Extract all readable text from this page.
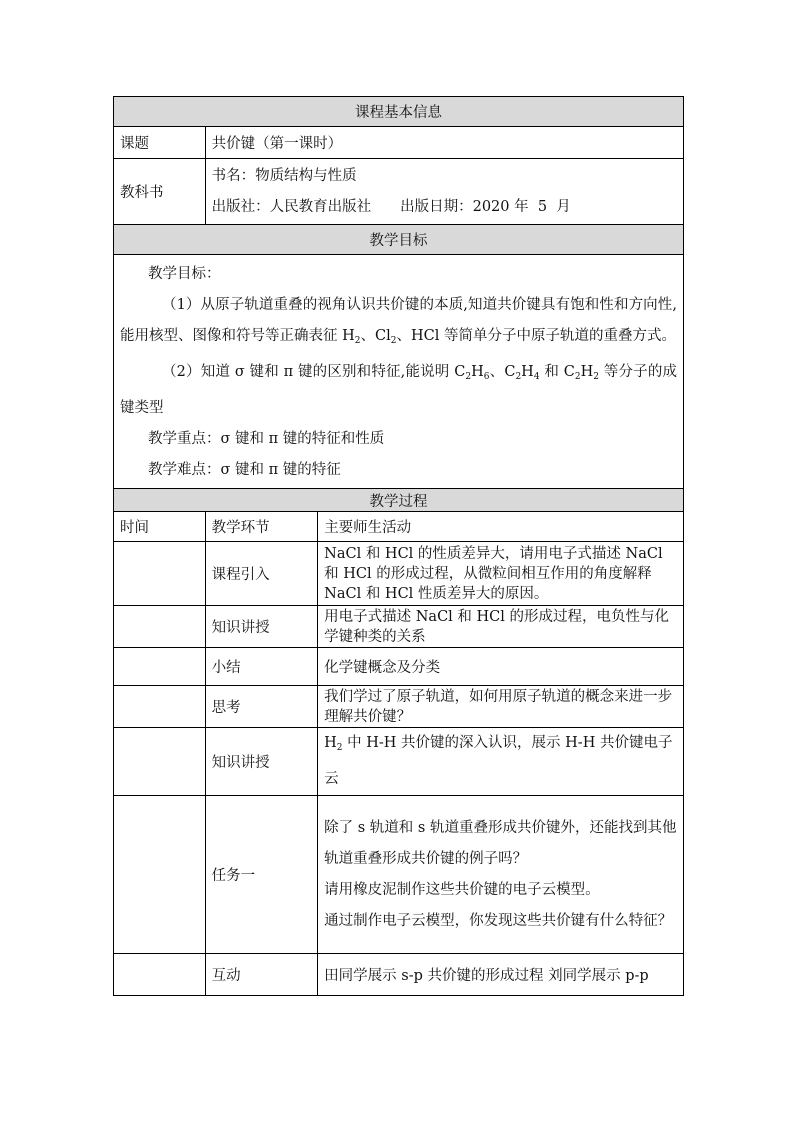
课程基本信息		
课题	共价键（第一课时）	
教科书	书名：物质结构与性质
出版社：人民教育出版社　　出版日期：2020 年  5  月	

教学目标		

教学目标：

（1）从原子轨道重叠的视角认识共价键的本质,知道共价键具有饱和性和方向性,能用核型、图像和符号等正确表征 $H_2$、$Cl_2$、HCl 等简单分子中原子轨道的重叠方式。

（2）知道 σ 键和 π 键的区别和特征,能说明 $C_2H_6$、$C_2H_4$ 和 $C_2H_2$ 等分子的成键类型

教学重点：σ 键和 π 键的特征和性质

教学难点：σ 键和 π 键的特征		

教学过程		
时间	教学环节	主要师生活动
	课程引入	NaCl 和 HCl 的性质差异大，请用电子式描述 NaCl 和 HCl 的形成过程，从微粒间相互作用的角度解释 NaCl 和 HCl 性质差异大的原因。
	知识讲授	用电子式描述 NaCl 和 HCl 的形成过程，电负性与化学键种类的关系
	小结	化学键概念及分类
	思考	我们学过了原子轨道，如何用原子轨道的概念来进一步理解共价键？
	知识讲授	$H_2$ 中 H-H 共价键的深入认识，展示 H-H 共价键电子云
	任务一	除了 s 轨道和 s 轨道重叠形成共价键外，还能找到其他轨道重叠形成共价键的例子吗？

请用橡皮泥制作这些共价键的电子云模型。

通过制作电子云模型，你发现这些共价键有什么特征？

	互动	田同学展示 s-p 共价键的形成过程 刘同学展示 p-p
